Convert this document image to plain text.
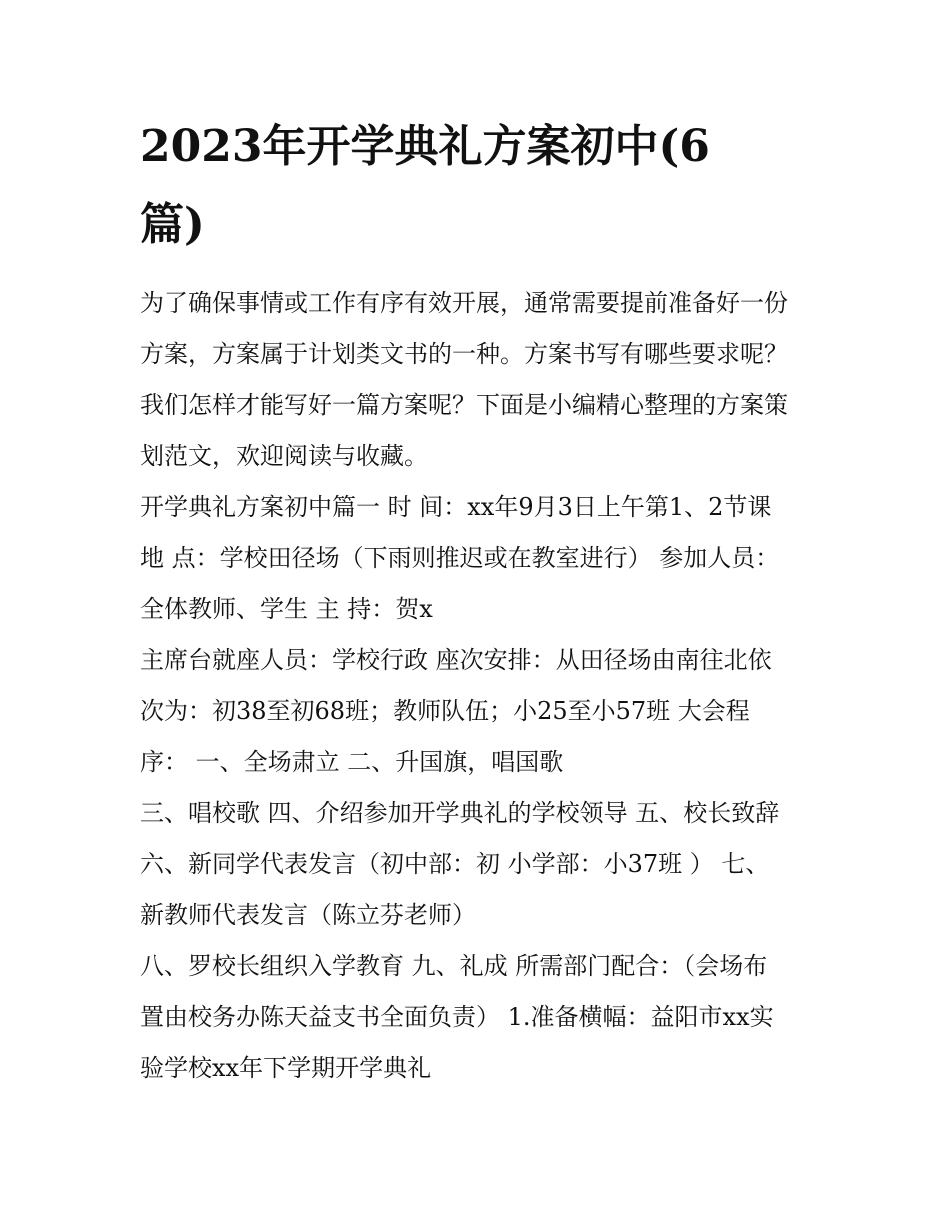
2023年开学典礼方案初中(6
篇)

为了确保事情或工作有序有效开展，通常需要提前准备好一份
方案，方案属于计划类文书的一种。方案书写有哪些要求呢？
我们怎样才能写好一篇方案呢？下面是小编精心整理的方案策
划范文，欢迎阅读与收藏。

开学典礼方案初中篇一 时 间：xx年9月3日上午第1、2节课
地 点：学校田径场（下雨则推迟或在教室进行） 参加人员：
全体教师、学生 主 持：贺x

主席台就座人员：学校行政 座次安排：从田径场由南往北依
次为：初38至初68班；教师队伍；小25至小57班 大会程
序： 一、全场肃立 二、升国旗，唱国歌

三、唱校歌 四、介绍参加开学典礼的学校领导 五、校长致辞
六、新同学代表发言（初中部：初 小学部：小37班 ） 七、
新教师代表发言（陈立芬老师）

八、罗校长组织入学教育 九、礼成 所需部门配合：（会场布
置由校务办陈天益支书全面负责） 1.准备横幅：益阳市xx实
验学校xx年下学期开学典礼
